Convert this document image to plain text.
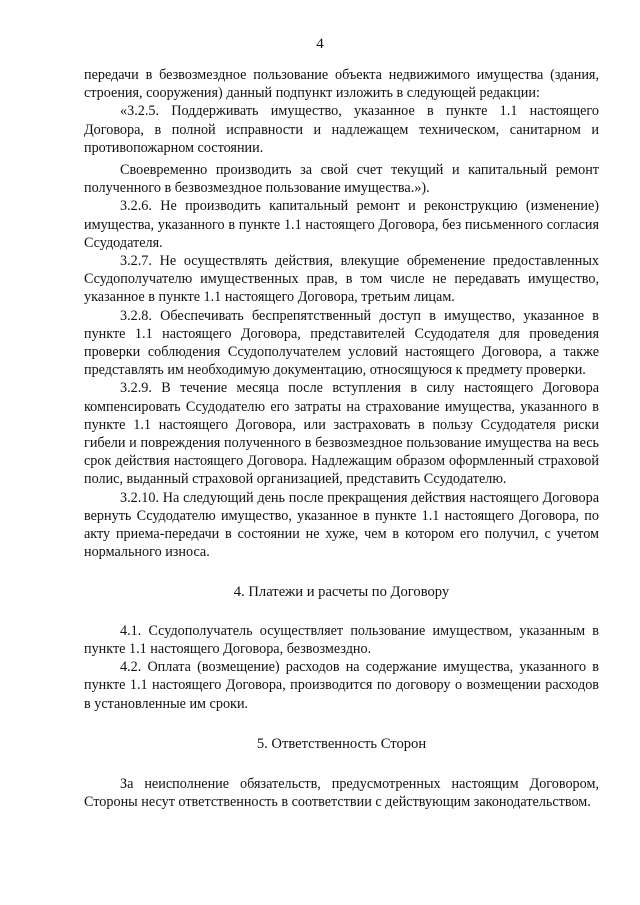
4

передачи в безвозмездное пользование объекта недвижимого имущества (здания, строения, сооружения) данный подпункт изложить в следующей редакции:

«3.2.5. Поддерживать имущество, указанное в пункте 1.1 настоящего Договора, в полной исправности и надлежащем техническом, санитарном и противопожарном состоянии.

Своевременно производить за свой счет текущий и капитальный ремонт полученного в безвозмездное пользование имущества.»).

3.2.6. Не производить капитальный ремонт и реконструкцию (изменение) имущества, указанного в пункте 1.1 настоящего Договора, без письменного согласия Ссудодателя.

3.2.7. Не осуществлять действия, влекущие обременение предоставленных Ссудополучателю имущественных прав, в том числе не передавать имущество, указанное в пункте 1.1 настоящего Договора, третьим лицам.

3.2.8. Обеспечивать беспрепятственный доступ в имущество, указанное в пункте 1.1 настоящего Договора, представителей Ссудодателя для проведения проверки соблюдения Ссудополучателем условий настоящего Договора, а также представлять им необходимую документацию, относящуюся к предмету проверки.

3.2.9. В течение месяца после вступления в силу настоящего Договора компенсировать Ссудодателю его затраты на страхование имущества, указанного в пункте 1.1 настоящего Договора, или застраховать в пользу Ссудодателя риски гибели и повреждения полученного в безвозмездное пользование имущества на весь срок действия настоящего Договора. Надлежащим образом оформленный страховой полис, выданный страховой организацией, представить Ссудодателю.

3.2.10. На следующий день после прекращения действия настоящего Договора вернуть Ссудодателю имущество, указанное в пункте 1.1 настоящего Договора, по акту приема-передачи в состоянии не хуже, чем в котором его получил, с учетом нормального износа.

4. Платежи и расчеты по Договору

4.1. Ссудополучатель осуществляет пользование имуществом, указанным в пункте 1.1 настоящего Договора, безвозмездно.

4.2. Оплата (возмещение) расходов на содержание имущества, указанного в пункте 1.1 настоящего Договора, производится по договору о возмещении расходов в установленные им сроки.

5. Ответственность Сторон

За неисполнение обязательств, предусмотренных настоящим Договором, Стороны несут ответственность в соответствии с действующим законодательством.
